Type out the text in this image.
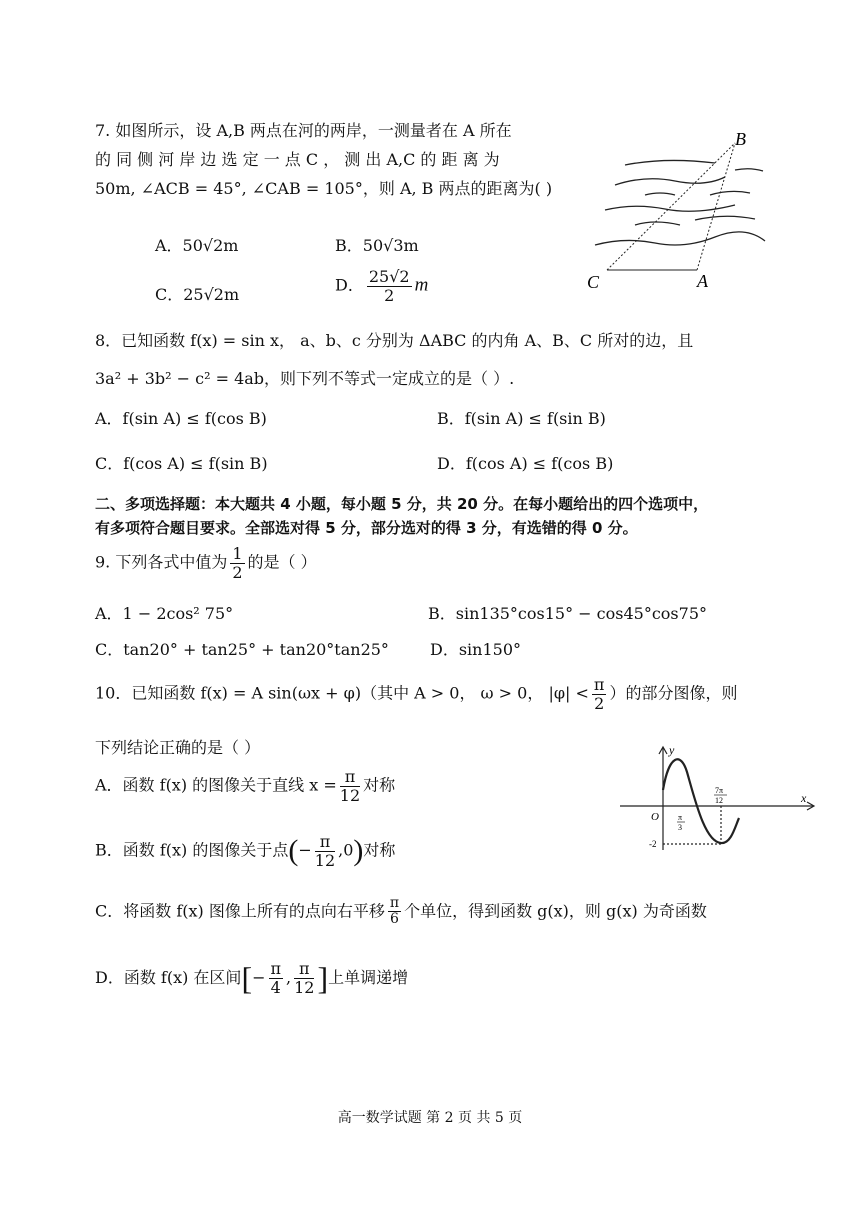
7. 如图所示，设 A,B 两点在河的两岸，一测量者在 A 所在
的 同 侧 河 岸 边 选 定 一 点 C ， 测 出 A,C 的 距 离 为
50m, ∠ACB = 45°, ∠CAB = 105°，则 A, B 两点的距离为( )
A．50√2m	B．50√3m
C．25√2m	D． $\frac{25√2}{2}$ m
B
C	A
8．已知函数 f(x) = sin x， a、b、c 分别为 ΔABC 的内角 A、B、C 所对的边，且
3a² + 3b² − c² = 4ab，则下列不等式一定成立的是（ ）.
A．f(sin A) ≤ f(cos B)	B．f(sin A) ≤ f(sin B)
C．f(cos A) ≤ f(sin B)	D．f(cos A) ≤ f(cos B)
二、多项选择题：本大题共 4 小题，每小题 5 分，共 20 分。在每小题给出的四个选项中，
有多项符合题目要求。全部选对得 5 分，部分选对的得 3 分，有选错的得 0 分。
9. 下列各式中值为 $\frac{1}{2}$ 的是（ ）
A．1 − 2cos² 75°	B．sin135°cos15° − cos45°cos75°
C．tan20° + tan25° + tan20°tan25°	D．sin150°
10．已知函数 f(x) = A sin(ωx + φ)（其中 A > 0， ω > 0， $|\varphi| < \frac{\pi}{2}$ ）的部分图像，则
下列结论正确的是（ ）
A．函数 f(x) 的图像关于直线 $x = \frac{\pi}{12}$ 对称
B．函数 f(x) 的图像关于点(− $\frac{\pi}{12} ,0$)对称
C．将函数 f(x) 图像上所有的点向右平移 $\frac{\pi}{6}$ 个单位，得到函数 g(x)，则 g(x) 为奇函数
D．函数 f(x) 在区间[− $\frac{\pi}{4}$ , $\frac{\pi}{12}$ ]上单调递增
y
x
O π
3
7π
12
-2
高一数学试题 第 2 页 共 5 页
